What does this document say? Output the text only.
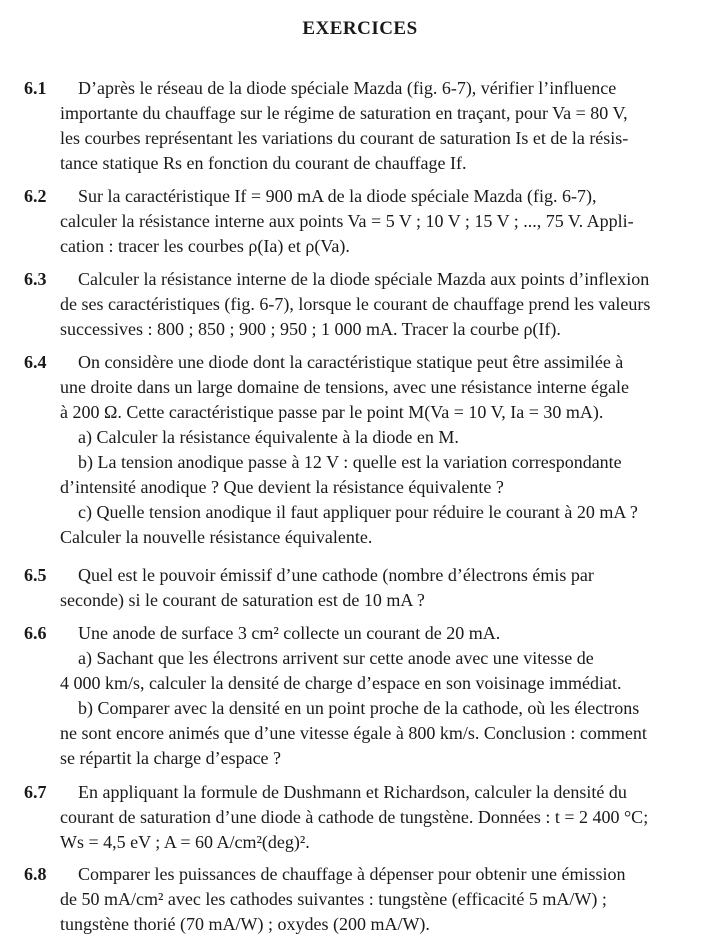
EXERCICES
6.1 D’après le réseau de la diode spéciale Mazda (fig. 6-7), vérifier l’influence
importante du chauffage sur le régime de saturation en traçant, pour Va = 80 V,
les courbes représentant les variations du courant de saturation Is et de la résis-
tance statique Rs en fonction du courant de chauffage If.
6.2 Sur la caractéristique If = 900 mA de la diode spéciale Mazda (fig. 6-7),
calculer la résistance interne aux points Va = 5 V ; 10 V ; 15 V ; ..., 75 V. Appli-
cation : tracer les courbes ρ(Ia) et ρ(Va).
6.3 Calculer la résistance interne de la diode spéciale Mazda aux points d’inflexion
de ses caractéristiques (fig. 6-7), lorsque le courant de chauffage prend les valeurs
successives : 800 ; 850 ; 900 ; 950 ; 1 000 mA. Tracer la courbe ρ(If).
6.4 On considère une diode dont la caractéristique statique peut être assimilée à
une droite dans un large domaine de tensions, avec une résistance interne égale
à 200 Ω. Cette caractéristique passe par le point M(Va = 10 V, Ia = 30 mA).
a) Calculer la résistance équivalente à la diode en M.
b) La tension anodique passe à 12 V : quelle est la variation correspondante
d’intensité anodique ? Que devient la résistance équivalente ?
c) Quelle tension anodique il faut appliquer pour réduire le courant à 20 mA ?
Calculer la nouvelle résistance équivalente.
6.5 Quel est le pouvoir émissif d’une cathode (nombre d’électrons émis par
seconde) si le courant de saturation est de 10 mA ?
6.6 Une anode de surface 3 cm² collecte un courant de 20 mA.
a) Sachant que les électrons arrivent sur cette anode avec une vitesse de
4 000 km/s, calculer la densité de charge d’espace en son voisinage immédiat.
b) Comparer avec la densité en un point proche de la cathode, où les électrons
ne sont encore animés que d’une vitesse égale à 800 km/s. Conclusion : comment
se répartit la charge d’espace ?
6.7 En appliquant la formule de Dushmann et Richardson, calculer la densité du
courant de saturation d’une diode à cathode de tungstène. Données : t = 2 400 °C;
Ws = 4,5 eV ; A = 60 A/cm²(deg)².
6.8 Comparer les puissances de chauffage à dépenser pour obtenir une émission
de 50 mA/cm² avec les cathodes suivantes : tungstène (efficacité 5 mA/W) ;
tungstène thorié (70 mA/W) ; oxydes (200 mA/W).
